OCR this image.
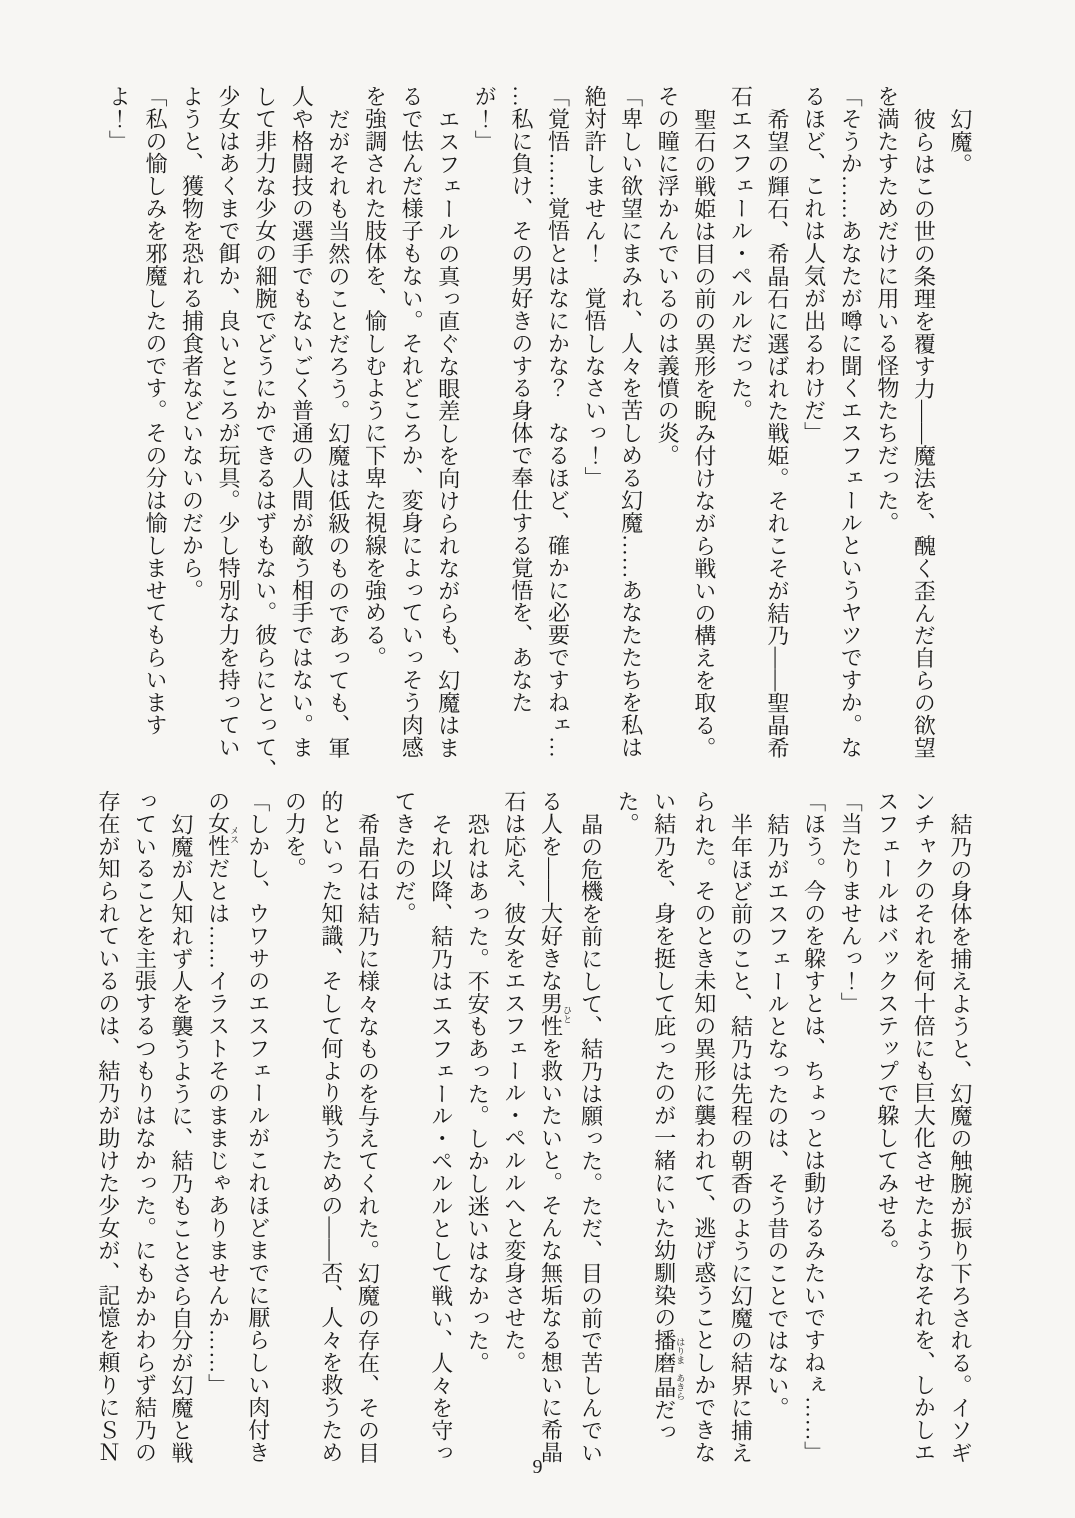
幻魔。

彼らはこの世の条理を覆す力――魔法を、醜く歪んだ自らの欲望

を満たすためだけに用いる怪物たちだった。

「そうか……あなたが噂に聞くエスフェールというヤツですか。な

るほど、これは人気が出るわけだ」

希望の輝石、希晶石に選ばれた戦姫。それこそが結乃――聖晶希

石エスフェール・ペルルだった。

聖石の戦姫は目の前の異形を睨み付けながら戦いの構えを取る。

その瞳に浮かんでいるのは義憤の炎。

「卑しい欲望にまみれ、人々を苦しめる幻魔……あなたたちを私は

絶対許しません！　覚悟しなさいっ！」

「覚悟……覚悟とはなにかな？　なるほど、確かに必要ですねェ…

…私に負け、その男好きのする身体で奉仕する覚悟を、あなた

が！」

エスフェールの真っ直ぐな眼差しを向けられながらも、幻魔はま

るで怯んだ様子もない。それどころか、変身によっていっそう肉感

を強調された肢体を、愉しむように下卑た視線を強める。

だがそれも当然のことだろう。幻魔は低級のものであっても、軍

人や格闘技の選手でもないごく普通の人間が敵う相手ではない。ま

して非力な少女の細腕でどうにかできるはずもない。彼らにとって、

少女はあくまで餌か、良いところが玩具。少し特別な力を持ってい

ようと、獲物を恐れる捕食者などいないのだから。

「私の愉しみを邪魔したのです。その分は愉しませてもらいます

よ！」

結乃の身体を捕えようと、幻魔の触腕が振り下ろされる。イソギ

ンチャクのそれを何十倍にも巨大化させたようなそれを、しかしエ

スフェールはバックステップで躱してみせる。

「当たりませんっ！」

「ほう。今のを躱すとは、ちょっとは動けるみたいですねぇ……」

結乃がエスフェールとなったのは、そう昔のことではない。

半年ほど前のこと、結乃は先程の朝香のように幻魔の結界に捕え

られた。そのとき未知の異形に襲われて、逃げ惑うことしかできな

い結乃を、身を挺して庇ったのが一緒にいた幼馴染の播磨はりま晶あきらだっ

た。

晶の危機を前にして、結乃は願った。ただ、目の前で苦しんでい

る人を――大好きな男性ひとを救いたいと。そんな無垢なる想いに希晶

石は応え、彼女をエスフェール・ペルルへと変身させた。

恐れはあった。不安もあった。しかし迷いはなかった。

それ以降、結乃はエスフェール・ペルルとして戦い、人々を守っ

てきたのだ。

希晶石は結乃に様々なものを与えてくれた。幻魔の存在、その目

的といった知識、そして何より戦うための――否、人々を救うため

の力を。

「しかし、ウワサのエスフェールがこれほどまでに厭らしい肉付き

の女性メスだとは……イラストそのままじゃありませんか……」

幻魔が人知れず人を襲うように、結乃もことさら自分が幻魔と戦

っていることを主張するつもりはなかった。にもかかわらず結乃の

存在が知られているのは、結乃が助けた少女が、記憶を頼りにＳＮ

9
